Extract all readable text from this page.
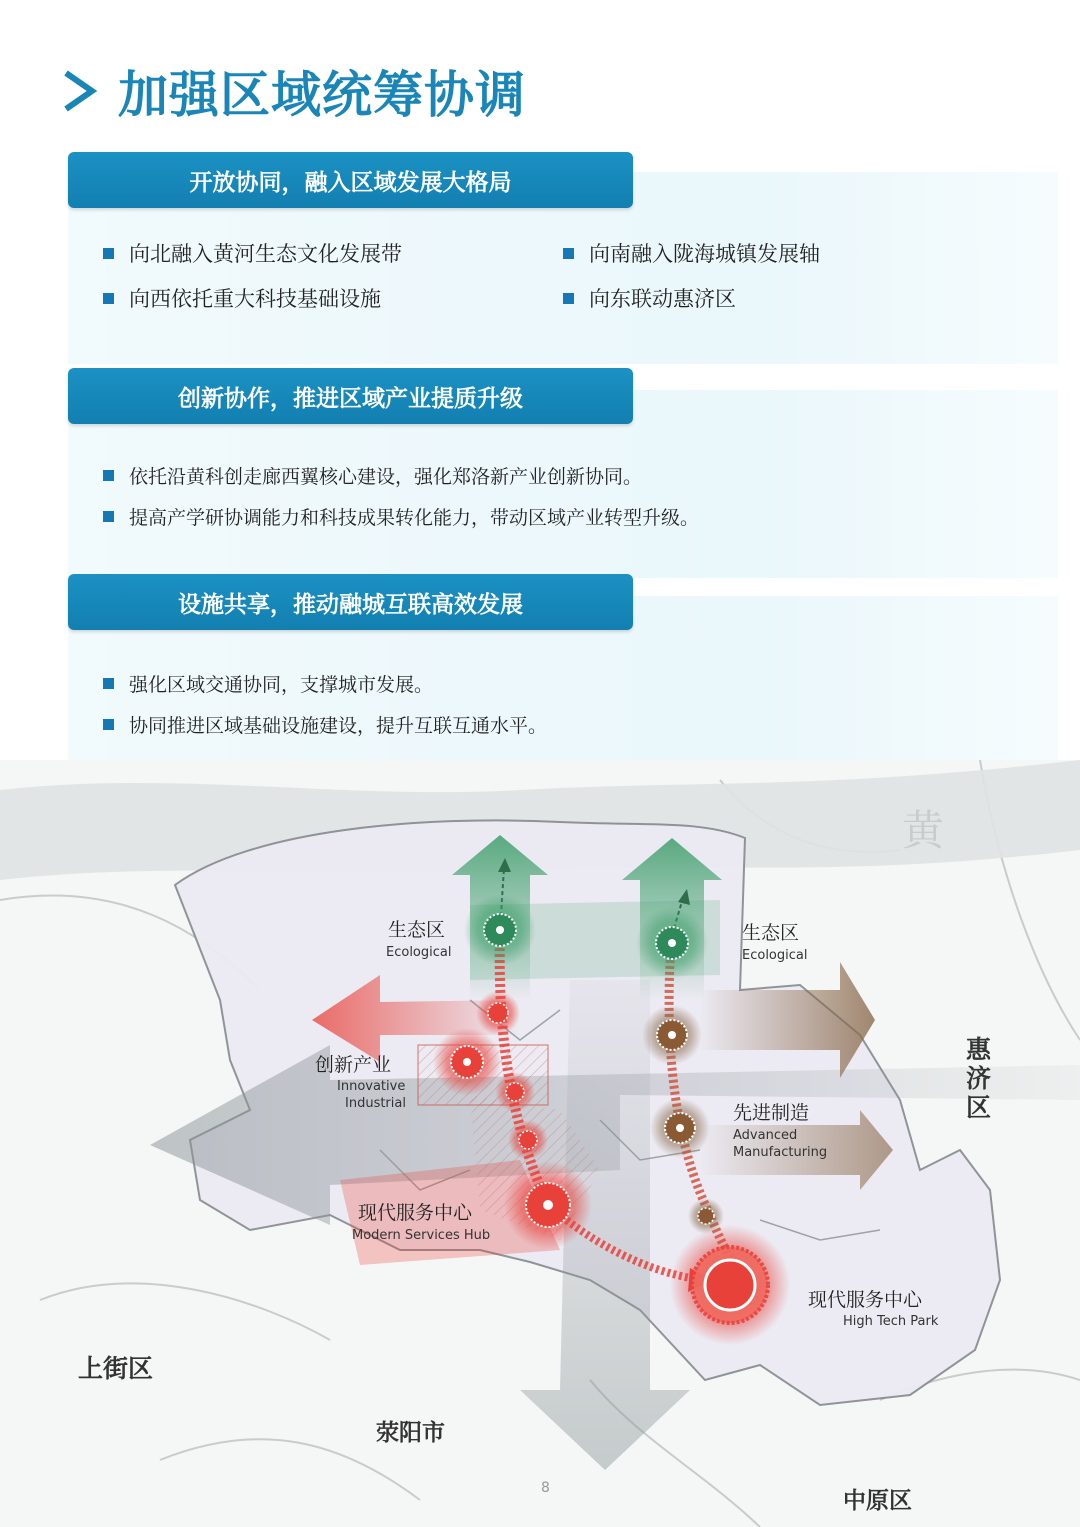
加强区域统筹协调
开放协同，融入区域发展大格局
向北融入黄河生态文化发展带	向南融入陇海城镇发展轴
向西依托重大科技基础设施	向东联动惠济区
创新协作，推进区域产业提质升级
依托沿黄科创走廊西翼核心建设，强化郑洛新产业创新协同。
提高产学研协调能力和科技成果转化能力，带动区域产业转型升级。
设施共享，推动融城互联高效发展
强化区域交通协同，支撑城市发展。
协同推进区域基础设施建设，提升互联互通水平。
生态区
Ecological
生态区
Ecological
创新产业
Innovative
Industrial	先进制造
Advanced
Manufacturing
现代服务中心
Modern Services Hub
现代服务中心
High Tech Park
惠
济
区
上街区
荥阳市
中原区
黄
8
